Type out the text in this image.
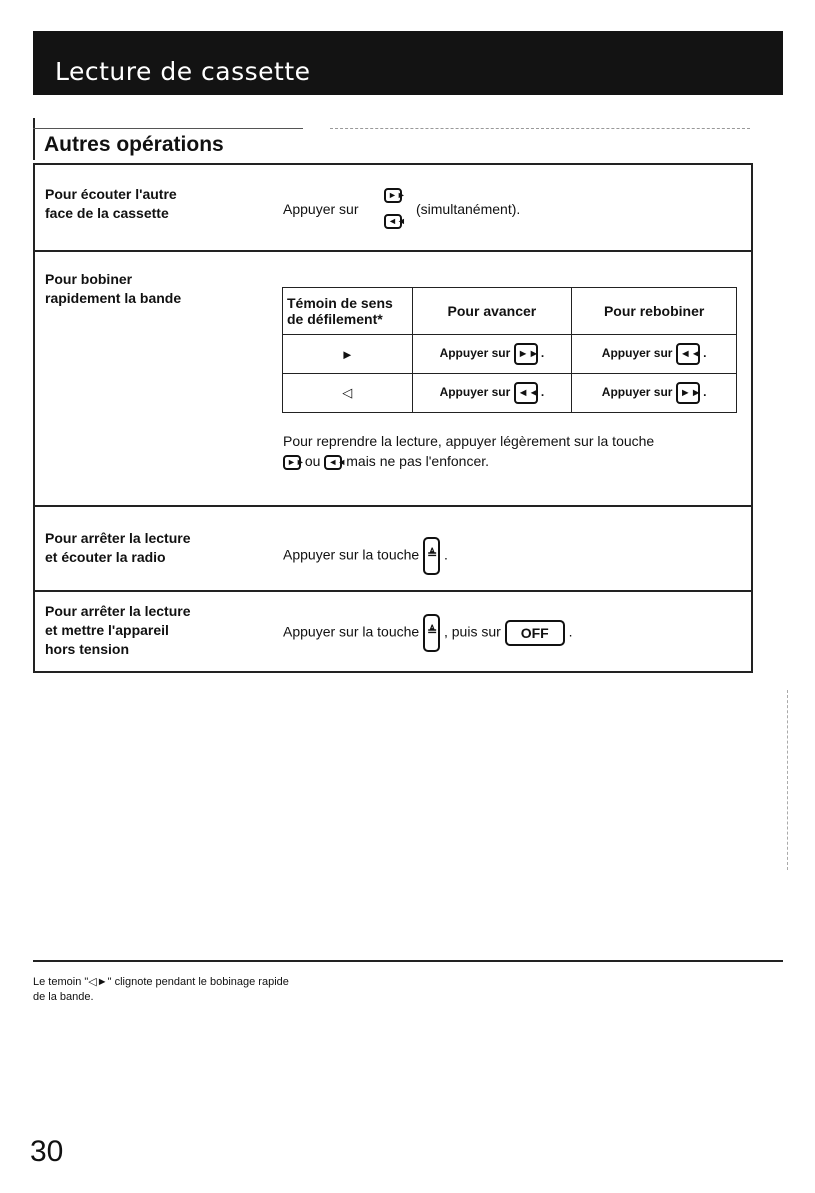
Lecture de cassette
Autres opérations
Pour écouter l'autre
face de la cassette	Appuyer sur
►►
◄◄
(simultanément).
Pour bobiner
rapidement la bande	Témoin de sens
de défilement*	Pour avancer	Pour rebobiner
►	Appuyer sur ►► .	Appuyer sur ◄◄ .
◁	Appuyer sur ◄◄ .	Appuyer sur ►► .
Pour reprendre la lecture, appuyer légèrement sur la touche
►► ou ◄◄ mais ne pas l'enfoncer.
Pour arrêter la lecture
et écouter la radio	Appuyer sur la touche ≜ .
Pour arrêter la lecture
et mettre l'appareil
hors tension
Appuyer sur la touche ≜ , puis sur OFF .
Le temoin "◁►" clignote pendant le bobinage rapide
de la bande.
30
